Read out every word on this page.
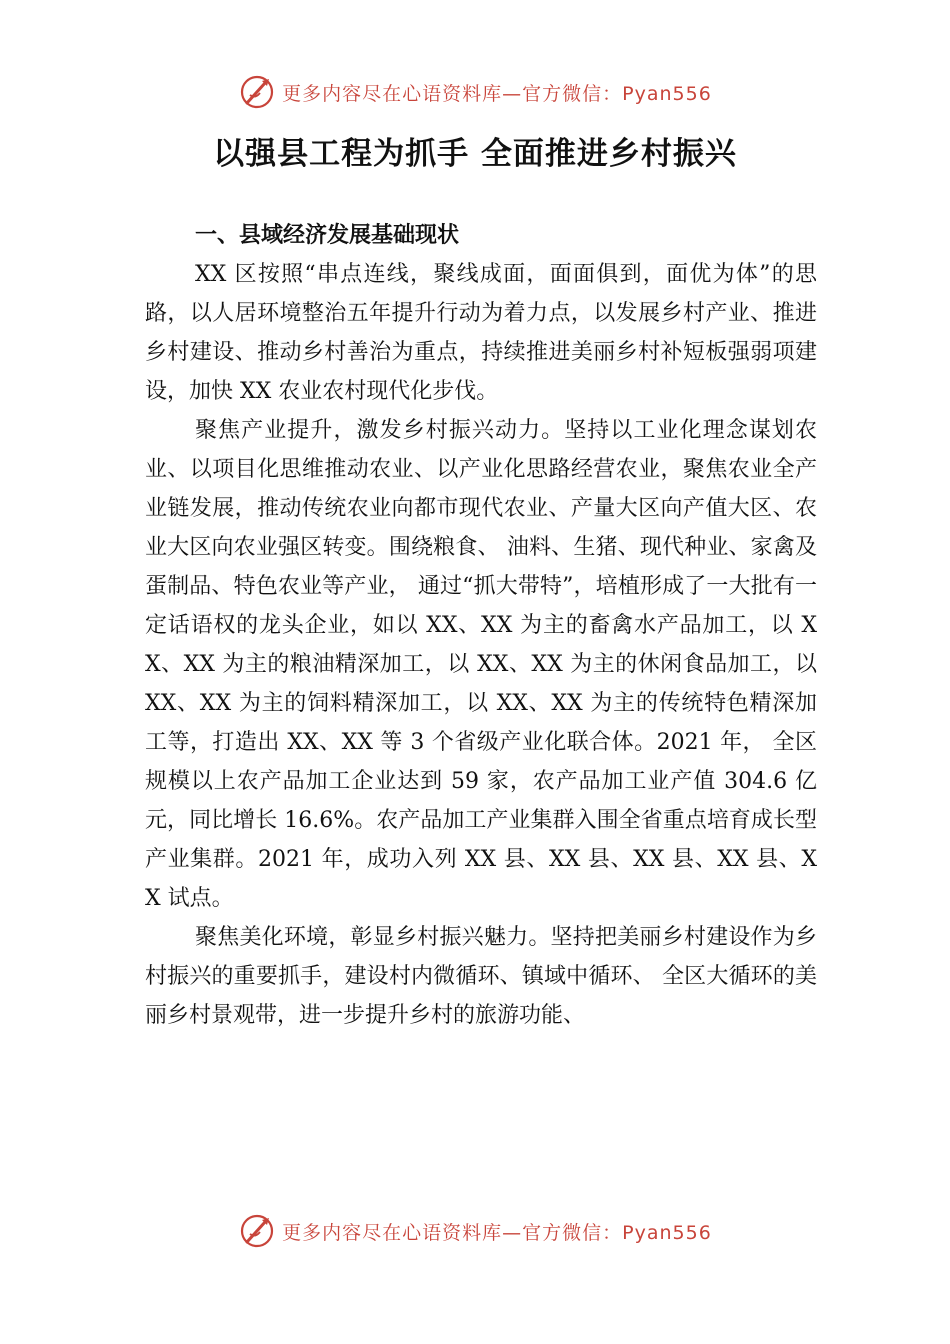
更多内容尽在心语资料库—官方微信：Pyan556
以强县工程为抓手 全面推进乡村振兴

一、县域经济发展基础现状

XX 区按照“串点连线，聚线成面，面面俱到，面优为体”的思路，以人居环境整治五年提升行动为着力点，以发展乡村产业、推进乡村建设、推动乡村善治为重点，持续推进美丽乡村补短板强弱项建设，加快 XX 农业农村现代化步伐。

聚焦产业提升，激发乡村振兴动力。坚持以工业化理念谋划农业、以项目化思维推动农业、以产业化思路经营农业，聚焦农业全产业链发展，推动传统农业向都市现代农业、产量大区向产值大区、农业大区向农业强区转变。围绕粮食、 油料、生猪、现代种业、家禽及蛋制品、特色农业等产业， 通过“抓大带特”，培植形成了一大批有一定话语权的龙头企业，如以 XX、XX 为主的畜禽水产品加工，以 XX、XX 为主的粮油精深加工，以 XX、XX 为主的休闲食品加工，以 XX、XX 为主的饲料精深加工，以 XX、XX 为主的传统特色精深加工等，打造出 XX、XX 等 3 个省级产业化联合体。2021 年， 全区规模以上农产品加工企业达到 59 家，农产品加工业产值 304.6 亿元，同比增长 16.6%。农产品加工产业集群入围全省重点培育成长型产业集群。2021 年，成功入列 XX 县、XX 县、XX 县、XX 县、XX 试点。

聚焦美化环境，彰显乡村振兴魅力。坚持把美丽乡村建设作为乡村振兴的重要抓手，建设村内微循环、镇域中循环、 全区大循环的美丽乡村景观带，进一步提升乡村的旅游功能、

更多内容尽在心语资料库—官方微信：Pyan556
